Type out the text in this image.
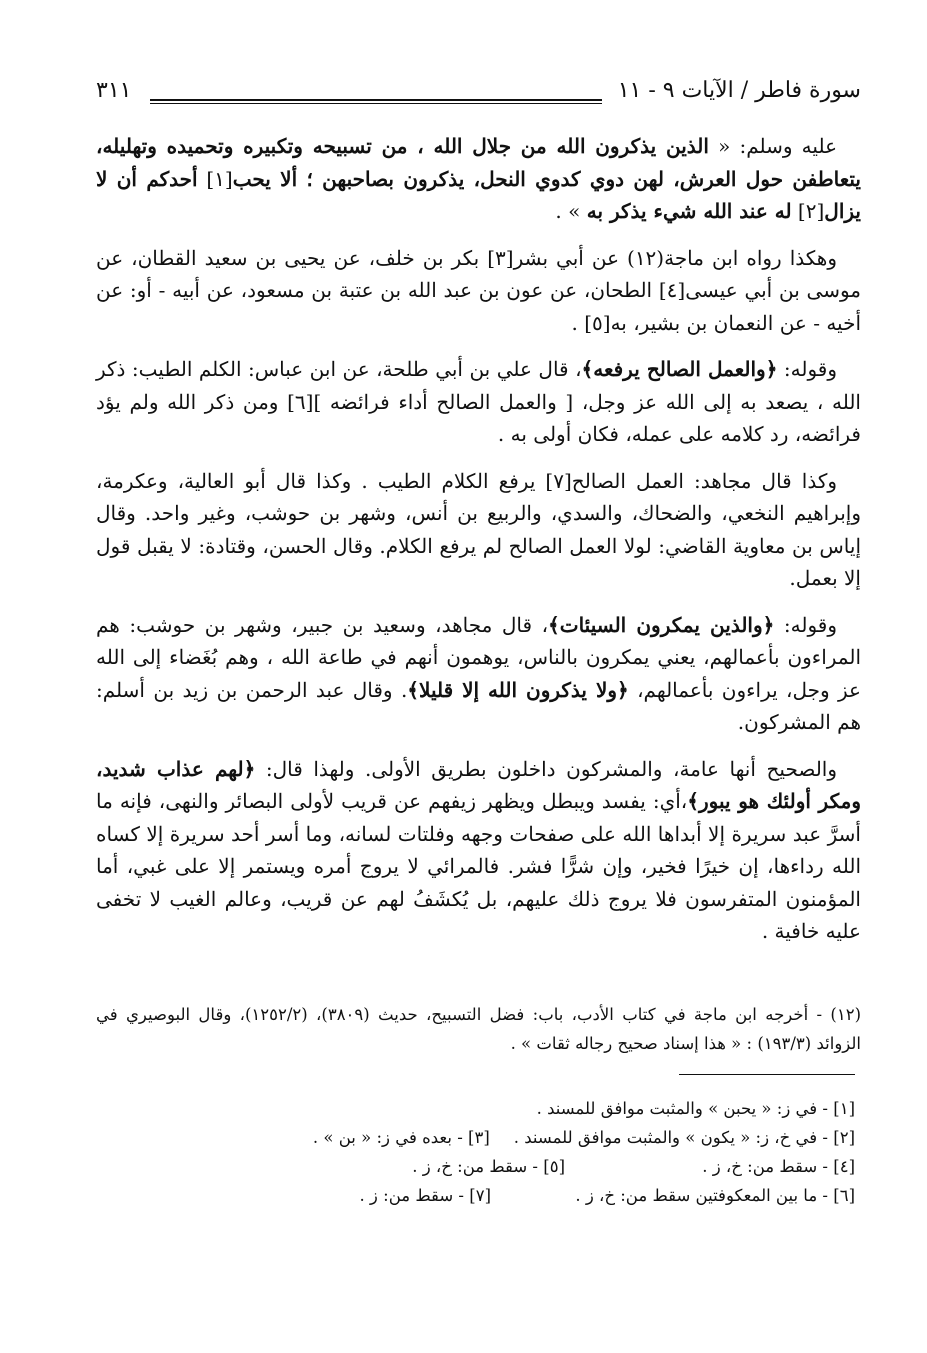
سورة فاطر / الآيات ٩ - ١١
٣١١

عليه وسلم: « الذين يذكرون الله من جلال الله ، من تسبيحه وتكبيره وتحميده وتهليله، يتعاطفن حول العرش، لهن دوي كدوي النحل، يذكرون بصاحبهن ؛ ألا يحب[١] أحدكم أن لا يزال[٢] له عند الله شيء يذكر به » .

وهكذا رواه ابن ماجة(١٢) عن أبي بشر[٣] بكر بن خلف، عن يحيى بن سعيد القطان، عن موسى بن أبي عيسى[٤] الطحان، عن عون بن عبد الله بن عتبة بن مسعود، عن أبيه - أو: عن أخيه - عن النعمان بن بشير، به[٥] .

وقوله: ﴿والعمل الصالح يرفعه﴾، قال علي بن أبي طلحة، عن ابن عباس: الكلم الطيب: ذكر الله ، يصعد به إلى الله عز وجل، [ والعمل الصالح أداء فرائضه ][٦] ومن ذكر الله ولم يؤد فرائضه، رد كلامه على عمله، فكان أولى به .

وكذا قال مجاهد: العمل الصالح[٧] يرفع الكلام الطيب . وكذا قال أبو العالية، وعكرمة، وإبراهيم النخعي، والضحاك، والسدي، والربيع بن أنس، وشهر بن حوشب، وغير واحد. وقال إياس بن معاوية القاضي: لولا العمل الصالح لم يرفع الكلام. وقال الحسن، وقتادة: لا يقبل قول إلا بعمل.

وقوله: ﴿والذين يمكرون السيئات﴾، قال مجاهد، وسعيد بن جبير، وشهر بن حوشب: هم المراءون بأعمالهم، يعني يمكرون بالناس، يوهمون أنهم في طاعة الله ، وهم بُغَضاء إلى الله عز وجل، يراءون بأعمالهم، ﴿ولا يذكرون الله إلا قليلا﴾. وقال عبد الرحمن بن زيد بن أسلم: هم المشركون.

والصحيح أنها عامة، والمشركون داخلون بطريق الأولى. ولهذا قال: ﴿لهم عذاب شديد، ومكر أولئك هو يبور﴾،أي: يفسد ويبطل ويظهر زيفهم عن قريب لأولى البصائر والنهى، فإنه ما أسرَّ عبد سريرة إلا أبداها الله على صفحات وجهه وفلتات لسانه، وما أسر أحد سريرة إلا كساه الله رداءها، إن خيرًا فخير، وإن شرًّا فشر. فالمرائي لا يروج أمره ويستمر إلا على غبي، أما المؤمنون المتفرسون فلا يروج ذلك عليهم، بل يُكشَفُ لهم عن قريب، وعالم الغيب لا تخفى عليه خافية .

(١٢) - أخرجه ابن ماجة في كتاب الأدب، باب: فضل التسبيح، حديث (٣٨٠٩)، (١٢٥٢/٢)، وقال البوصيري في الزوائد (١٩٣/٣) : « هذا إسناد صحيح رجاله ثقات » .

[١] - في ز: « يحبن » والمثبت موافق للمسند .
[٢] - في خ، ز: « يكون » والمثبت موافق للمسند .
[٣] - بعده في ز: « بن » .
[٤] - سقط من: خ، ز .
[٥] - سقط من: خ، ز .
[٦] - ما بين المعكوفتين سقط من: خ، ز .
[٧] - سقط من: ز .
